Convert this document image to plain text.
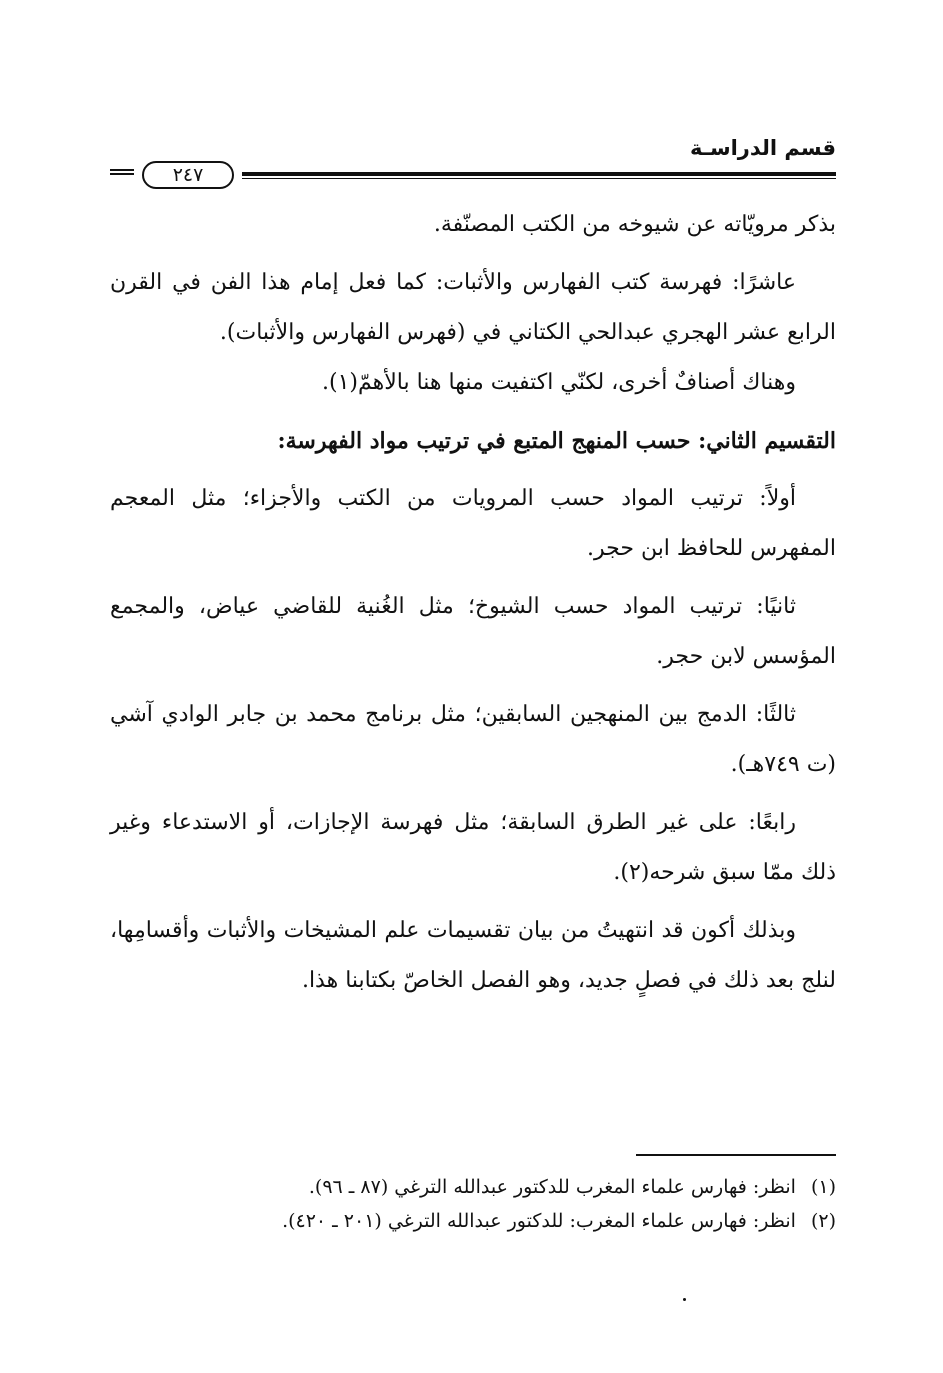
قسم الدراسـة
٢٤٧

بذكر مرويّاته عن شيوخه من الكتب المصنّفة.

عاشرًا: فهرسة كتب الفهارس والأثبات: كما فعل إمام هذا الفن في القرن الرابع عشر الهجري عبدالحي الكتاني في (فهرس الفهارس والأثبات).

وهناك أصنافٌ أخرى، لكنّي اكتفيت منها هنا بالأهمّ(١).

التقسيم الثاني: حسب المنهج المتبع في ترتيب مواد الفهرسة:

أولاً: ترتيب المواد حسب المرويات من الكتب والأجزاء؛ مثل المعجم المفهرس للحافظ ابن حجر.

ثانيًا: ترتيب المواد حسب الشيوخ؛ مثل الغُنية للقاضي عياض، والمجمع المؤسس لابن حجر.

ثالثًا: الدمج بين المنهجين السابقين؛ مثل برنامج محمد بن جابر الوادي آشي (ت ٧٤٩هـ).

رابعًا: على غير الطرق السابقة؛ مثل فهرسة الإجازات، أو الاستدعاء وغير ذلك ممّا سبق شرحه(٢).

وبذلك أكون قد انتهيتُ من بيان تقسيمات علم المشيخات والأثبات وأقسامِها، لنلج بعد ذلك في فصلٍ جديد، وهو الفصل الخاصّ بكتابنا هذا.

(١) انظر: فهارس علماء المغرب للدكتور عبدالله الترغي (٨٧ ـ ٩٦).
(٢) انظر: فهارس علماء المغرب: للدكتور عبدالله الترغي (٢٠١ ـ ٤٢٠).
